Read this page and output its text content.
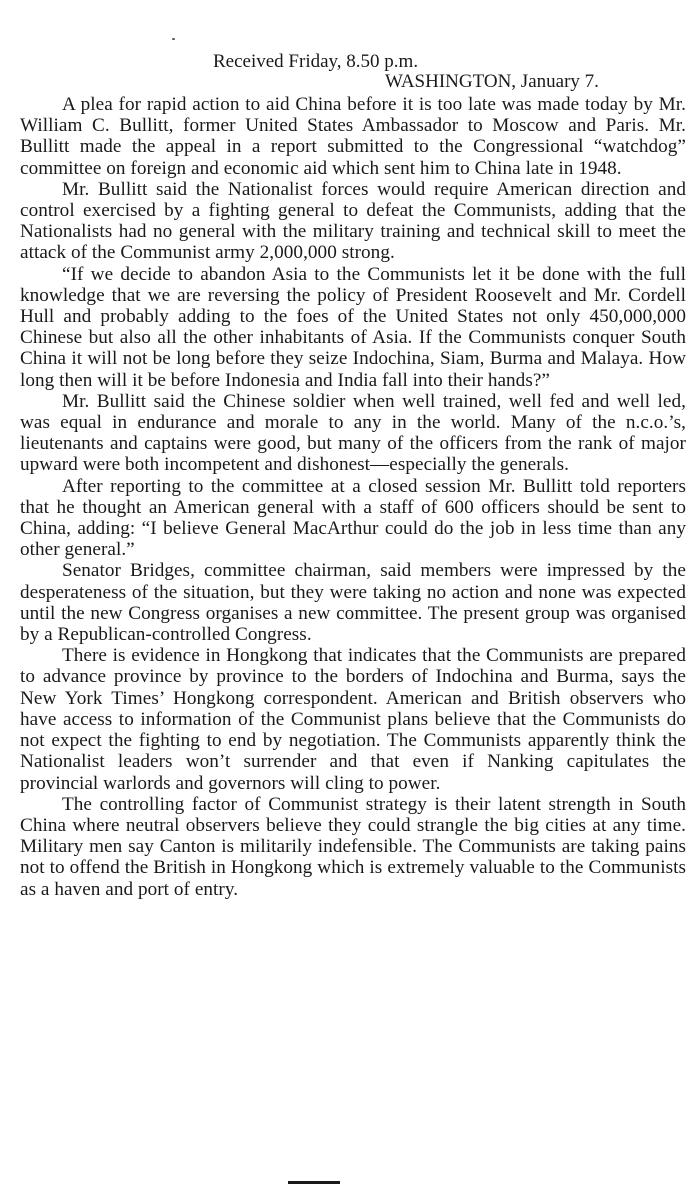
Received Friday, 8.50 p.m.
WASHINGTON, January 7.

A plea for rapid action to aid China before it is too late was made today by Mr. William C. Bullitt, former United States Ambassador to Moscow and Paris. Mr. Bullitt made the appeal in a report submitted to the Congressional “watchdog” committee on foreign and economic aid which sent him to China late in 1948.

Mr. Bullitt said the Nationalist forces would require American direction and control exercised by a fighting general to defeat the Communists, adding that the Nationalists had no general with the military training and technical skill to meet the attack of the Communist army 2,000,000 strong.

“If we decide to abandon Asia to the Communists let it be done with the full knowledge that we are reversing the policy of President Roosevelt and Mr. Cordell Hull and probably adding to the foes of the United States not only 450,000,000 Chinese but also all the other inhabitants of Asia. If the Communists conquer South China it will not be long before they seize Indochina, Siam, Burma and Malaya. How long then will it be before Indonesia and India fall into their hands?”

Mr. Bullitt said the Chinese soldier when well trained, well fed and well led, was equal in endurance and morale to any in the world. Many of the n.c.o.’s, lieutenants and captains were good, but many of the officers from the rank of major upward were both incompetent and dishonest—especially the generals.

After reporting to the committee at a closed session Mr. Bullitt told reporters that he thought an American general with a staff of 600 officers should be sent to China, adding: “I believe General MacArthur could do the job in less time than any other general.”

Senator Bridges, committee chairman, said members were impressed by the desperateness of the situation, but they were taking no action and none was expected until the new Congress organises a new committee. The present group was organised by a Republican-controlled Congress.

There is evidence in Hongkong that indicates that the Communists are prepared to advance province by province to the borders of Indochina and Burma, says the New York Times’ Hongkong correspondent. American and British observers who have access to information of the Communist plans believe that the Communists do not expect the fighting to end by negotiation. The Communists apparently think the Nationalist leaders won’t surrender and that even if Nanking capitulates the provincial warlords and governors will cling to power.

The controlling factor of Communist strategy is their latent strength in South China where neutral observers believe they could strangle the big cities at any time. Military men say Canton is militarily indefensible. The Communists are taking pains not to offend the British in Hongkong which is extremely valuable to the Communists as a haven and port of entry.
